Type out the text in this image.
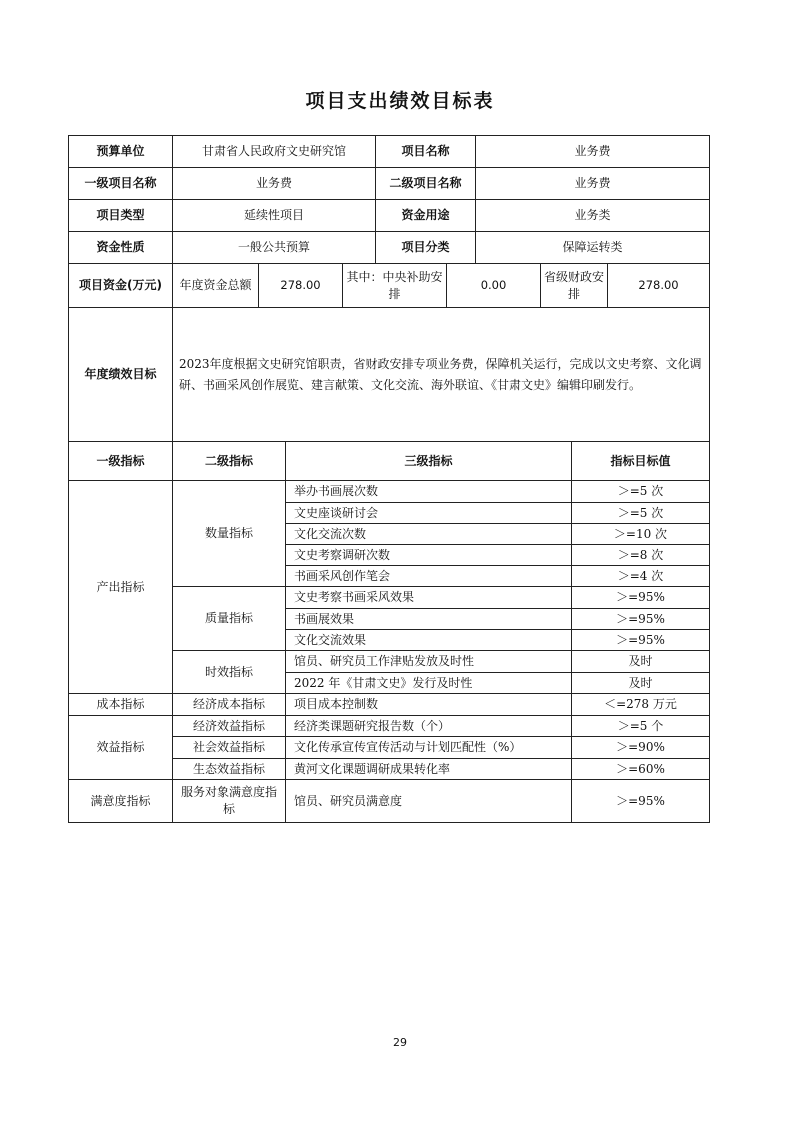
项目支出绩效目标表
预算单位	甘肃省人民政府文史研究馆	项目名称	业务费
一级项目名称	业务费	二级项目名称	业务费
项目类型	延续性项目	资金用途	业务类
资金性质	一般公共预算	项目分类	保障运转类
项目资金(万元)	年度资金总额	278.00	其中：中央补助安排	0.00	省级财政安排	278.00
年度绩效目标	2023年度根据文史研究馆职责，省财政安排专项业务费，保障机关运行，完成以文史考察、文化调研、书画采风创作展览、建言献策、文化交流、海外联谊、《甘肃文史》编辑印刷发行。		
一级指标	二级指标	三级指标	指标目标值
产出指标	数量指标	举办书画展次数	＞=5 次
		文史座谈研讨会	＞=5 次
		文化交流次数	＞=10 次
		文史考察调研次数	＞=8 次
		书画采风创作笔会	＞=4 次
	质量指标	文史考察书画采风效果	＞=95%
		书画展效果	＞=95%
		文化交流效果	＞=95%
	时效指标	馆员、研究员工作津贴发放及时性	及时
		2022 年《甘肃文史》发行及时性	及时
成本指标	经济成本指标	项目成本控制数	＜=278 万元
效益指标	经济效益指标	经济类课题研究报告数（个）	＞=5 个
	社会效益指标	文化传承宣传宣传活动与计划匹配性（%）	＞=90%
	生态效益指标	黄河文化课题调研成果转化率	＞=60%
满意度指标	服务对象满意度指标	馆员、研究员满意度	＞=95%
29
